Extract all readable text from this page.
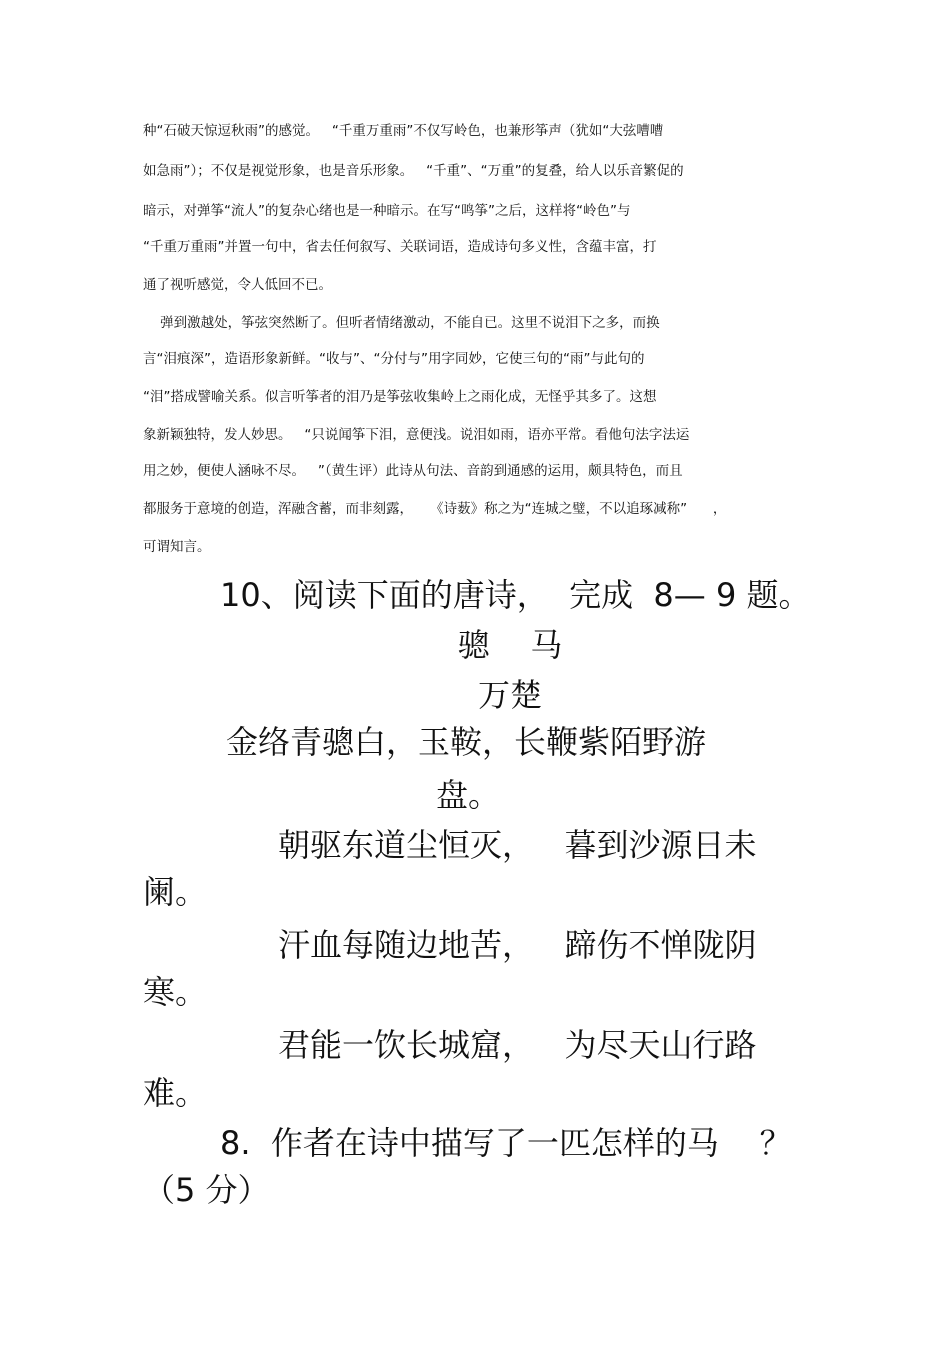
种“石破天惊逗秋雨”的感觉。   “千重万重雨”不仅写岭色，也兼形筝声（犹如“大弦嘈嘈

如急雨”）；不仅是视觉形象，也是音乐形象。   “千重”、“万重”的复叠，给人以乐音繁促的

暗示，对弹筝“流人”的复杂心绪也是一种暗示。在写“鸣筝”之后，这样将“岭色”与

“千重万重雨”并置一句中，省去任何叙写、关联词语，造成诗句多义性，含蕴丰富，打

通了视听感觉，令人低回不已。

弹到激越处，筝弦突然断了。但听者情绪激动，不能自已。这里不说泪下之多，而换

言“泪痕深”，造语形象新鲜。“收与”、“分付与”用字同妙，它使三句的“雨”与此句的

“泪”搭成譬喻关系。似言听筝者的泪乃是筝弦收集岭上之雨化成，无怪乎其多了。这想

象新颖独特，发人妙思。   “只说闻筝下泪，意便浅。说泪如雨，语亦平常。看他句法字法运

用之妙，便使人涵咏不尽。   ”（黄生评）此诗从句法、音韵到通感的运用，颇具特色，而且

都服务于意境的创造，浑融含蓄，而非刻露，    《诗薮》称之为“连城之璧，不以追琢减称”      ，

可谓知言。

10、阅读下面的唐诗，  完成  8— 9 题。

骢    马

万楚

金络青骢白，玉鞍，长鞭紫陌野游

盘。

朝驱东道尘恒灭，   暮到沙源日未

阑。

汗血每随边地苦，   蹄伤不惮陇阴

寒。

君能一饮长城窟，   为尽天山行路

难。

8.  作者在诗中描写了一匹怎样的马    ？

（5 分）
